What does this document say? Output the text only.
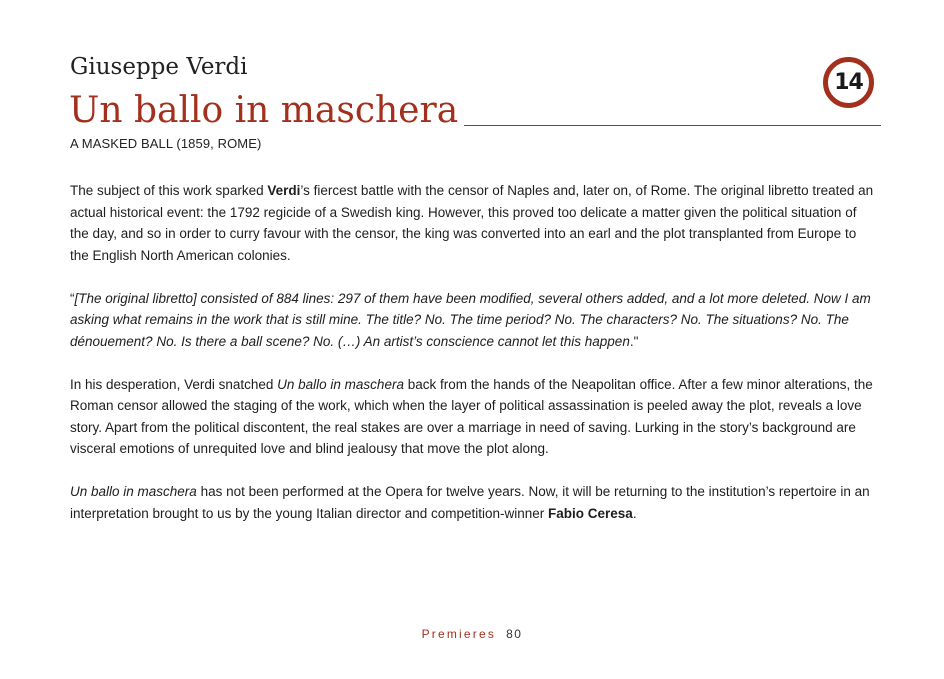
Giuseppe Verdi
Un ballo in maschera
14

A MASKED BALL (1859, ROME)

The subject of this work sparked Verdi’s fiercest battle with the censor of Naples and, later on, of Rome. The original libretto treated an actual historical event: the 1792 regicide of a Swedish king. However, this proved too delicate a matter given the political situation of the day, and so in order to curry favour with the censor, the king was converted into an earl and the plot transplanted from Europe to the English North American colonies.

“[The original libretto] consisted of 884 lines: 297 of them have been modified, several others added, and a lot more deleted. Now I am asking what remains in the work that is still mine. The title? No. The time period? No. The characters? No. The situations? No. The dénouement? No. Is there a ball scene? No. (…) An artist’s conscience cannot let this happen."

In his desperation, Verdi snatched Un ballo in maschera back from the hands of the Neapolitan office. After a few minor alterations, the Roman censor allowed the staging of the work, which when the layer of political assassination is peeled away the plot, reveals a love story. Apart from the political discontent, the real stakes are over a marriage in need of saving. Lurking in the story’s background are visceral emotions of unrequited love and blind jealousy that move the plot along.

Un ballo in maschera has not been performed at the Opera for twelve years. Now, it will be returning to the institution’s repertoire in an interpretation brought to us by the young Italian director and competition-winner Fabio Ceresa.

Premieres 80
